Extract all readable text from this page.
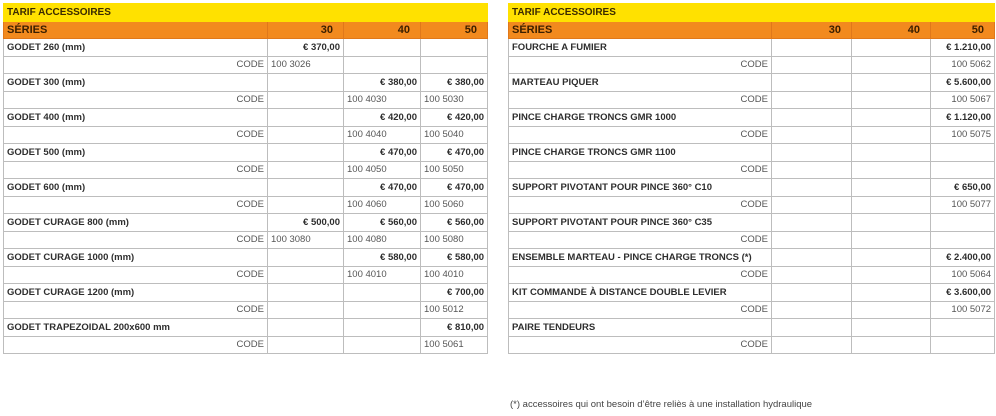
TARIF ACCESSOIRES			
SÉRIES	30	40	50
GODET 260 (mm)	€ 370,00		
CODE	100 3026		
GODET 300 (mm)		€ 380,00	€ 380,00
CODE		100 4030	100 5030
GODET 400 (mm)		€ 420,00	€ 420,00
CODE		100 4040	100 5040
GODET 500 (mm)		€ 470,00	€ 470,00
CODE		100 4050	100 5050
GODET 600 (mm)		€ 470,00	€ 470,00
CODE		100 4060	100 5060
GODET CURAGE 800 (mm)	€ 500,00	€ 560,00	€ 560,00
CODE	100 3080	100 4080	100 5080
GODET CURAGE 1000 (mm)		€ 580,00	€ 580,00
CODE		100 4010	100 4010
GODET CURAGE 1200 (mm)			€ 700,00
CODE			100 5012
GODET TRAPEZOIDAL 200x600 mm			€ 810,00
CODE			100 5061
TARIF ACCESSOIRES			
SÉRIES	30	40	50
FOURCHE A FUMIER			€ 1.210,00
CODE			100 5062
MARTEAU PIQUER			€ 5.600,00
CODE			100 5067
PINCE CHARGE TRONCS GMR 1000			€ 1.120,00
CODE			100 5075
PINCE CHARGE TRONCS GMR 1100			
CODE			
SUPPORT PIVOTANT POUR PINCE 360° C10			€ 650,00
CODE			100 5077
SUPPORT PIVOTANT POUR PINCE 360° C35			
CODE			
ENSEMBLE MARTEAU - PINCE CHARGE TRONCS (*)			€ 2.400,00
CODE			100 5064
KIT COMMANDE À DISTANCE DOUBLE LEVIER			€ 3.600,00
CODE			100 5072
PAIRE TENDEURS			
CODE			
(*) accessoires qui ont besoin d’être reliès à une installation hydraulique
